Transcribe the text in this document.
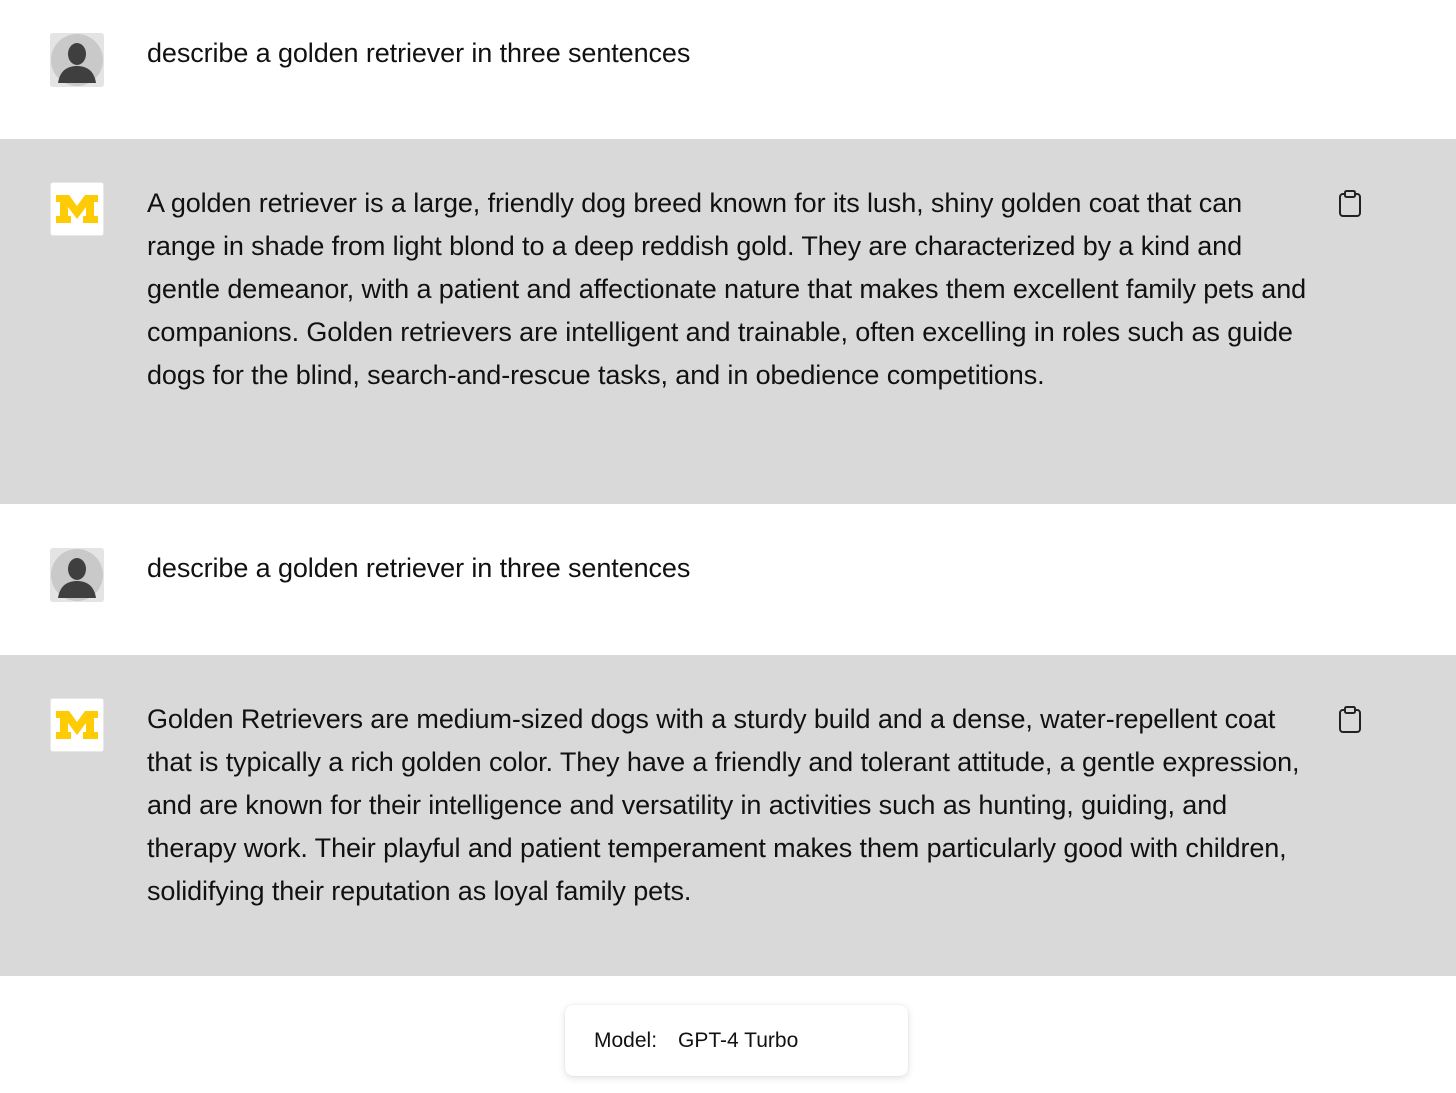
describe a golden retriever in three sentences
A golden retriever is a large, friendly dog breed known for its lush, shiny golden coat that can range in shade from light blond to a deep reddish gold. They are characterized by a kind and gentle demeanor, with a patient and affectionate nature that makes them excellent family pets and companions. Golden retrievers are intelligent and trainable, often excelling in roles such as guide dogs for the blind, search-and-rescue tasks, and in obedience competitions.
describe a golden retriever in three sentences
Golden Retrievers are medium-sized dogs with a sturdy build and a dense, water-repellent coat that is typically a rich golden color. They have a friendly and tolerant attitude, a gentle expression, and are known for their intelligence and versatility in activities such as hunting, guiding, and therapy work. Their playful and patient temperament makes them particularly good with children, solidifying their reputation as loyal family pets.
Model: GPT-4 Turbo
